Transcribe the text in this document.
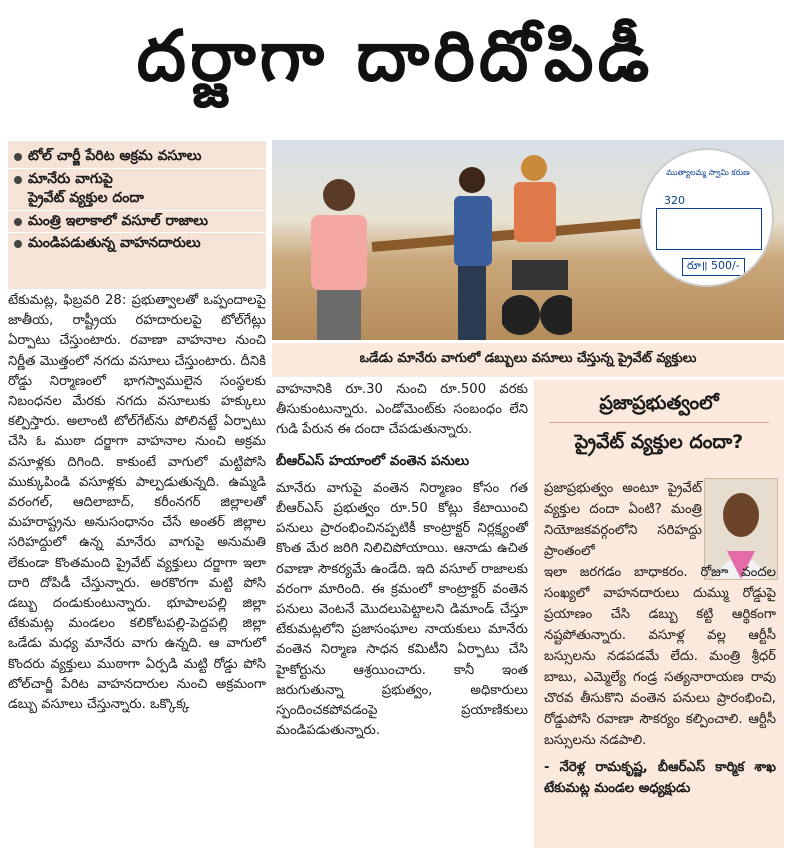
దర్జాగా దారిదోపిడీ
టోల్‌ చార్జీ పేరిట అక్రమ వసూలు
మానేరు వాగుపై
ప్రైవేట్‌ వ్యక్తుల దందా
మంత్రి ఇలాకాలో వసూల్‌ రాజాలు
మండిపడుతున్న వాహనదారులు
ముత్యాలమ్మ స్వామి కరుణ
320
రూ॥ 500/-
ఒడేడు మానేరు వాగులో డబ్బులు వసూలు చేస్తున్న ప్రైవేట్‌ వ్యక్తులు

టేకుమట్ల, ఫిబ్రవరి 28: ప్రభుత్వాలతో ఒప్పందాలపై జాతీయ, రాష్ట్రీయ రహదారులపై టోల్‌గేట్లు ఏర్పాటు చేస్తుంటారు. రవాణా వాహనాల నుంచి నిర్ణీత మొత్తంలో నగదు వసూలు చేస్తుంటారు. దీనికి రోడ్డు నిర్మాణంలో భాగస్వాములైన సంస్థలకు నిబంధనల మేరకు నగదు వసూలుకు హక్కులు కల్పిస్తారు. అలాంటి టోల్‌గేట్‌ను పోలినట్టే ఏర్పాటు చేసి ఓ ముఠా దర్జాగా వాహనాల నుంచి అక్రమ వసూళ్లకు దిగింది. కాకుంటే వాగులో మట్టిపోసి ముక్కుపిండి వసూళ్లకు పాల్పడుతున్నది. ఉమ్మడి వరంగల్‌, ఆదిలాబాద్‌, కరీంనగర్‌ జిల్లాలతో మహరాష్ట్రను అనుసంధానం చేసే అంతర్‌ జిల్లాల సరిహద్దులో ఉన్న మానేరు వాగుపై అనుమతి లేకుండా కొంతమంది ప్రైవేట్‌ వ్యక్తులు దర్జాగా ఇలా దారి దోపిడీ చేస్తున్నారు. అరకొరగా మట్టి పోసి డబ్బు దండుకుంటున్నారు. భూపాలపల్లి జిల్లా టేకుమట్ల మండలం కలికోటపల్లి-పెద్దపల్లి జిల్లా ఒడేడు మధ్య మానేరు వాగు ఉన్నది. ఆ వాగులో కొందరు వ్యక్తులు ముఠాగా ఏర్పడి మట్టి రోడ్డు పోసి టోల్‌చార్జీ పేరిట వాహనదారుల నుంచి అక్రమంగా డబ్బు వసూలు చేస్తున్నారు. ఒక్కొక్క

వాహనానికి రూ.30 నుంచి రూ.500 వరకు తీసుకుంటున్నారు. ఎండోమెంట్‌కు సంబంధం లేని గుడి పేరున ఈ దందా చేపడుతున్నారు.

బీఆర్‌ఎస్‌ హయాంలో వంతెన పనులు

మానేరు వాగుపై వంతెన నిర్మాణం కోసం గత బీఆర్‌ఎస్‌ ప్రభుత్వం రూ.50 కోట్లు కేటాయించి పనులు ప్రారంభించినప్పటికీ కాంట్రాక్టర్‌ నిర్లక్ష్యంతో కొంత మేర జరిగి నిలిచిపోయాయి. ఆనాడు ఉచిత రవాణా సౌకర్యమే ఉండేది. ఇది వసూల్‌ రాజాలకు వరంగా మారింది. ఈ క్రమంలో కాంట్రాక్టర్‌ వంతెన పనులు వెంటనే మొదలుపెట్టాలని డిమాండ్‌ చేస్తూ టేకుమట్లలోని ప్రజాసంఘాల నాయకులు మానేరు వంతెన నిర్మాణ సాధన కమిటీని ఏర్పాటు చేసి హైకోర్టును ఆశ్రయించారు. కానీ ఇంత జరుగుతున్నా ప్రభుత్వం, అధికారులు స్పందించకపోవడంపై ప్రయాణికులు మండిపడుతున్నారు.

ప్రజాప్రభుత్వంలో
ప్రైవేట్‌ వ్యక్తుల దందా?

ప్రజాప్రభుత్వం అంటూ ప్రైవేట్‌ వ్యక్తుల దందా ఏంటి? మంత్రి నియోజకవర్గంలోని సరిహద్దు ప్రాంతంలో

ఇలా జరగడం బాధాకరం. రోజూ వందల సంఖ్యలో వాహనదారులు దుమ్ము రోడ్డుపై ప్రయాణం చేసి డబ్బు కట్టి ఆర్థికంగా నష్టపోతున్నారు. వసూళ్ల వల్ల ఆర్టీసీ బస్సులను నడపడమే లేదు. మంత్రి శ్రీధర్‌ బాబు, ఎమ్మెల్యే గండ్ర సత్యనారాయణ రావు చొరవ తీసుకొని వంతెన పనులు ప్రారంభించి, రోడ్డుపోసి రవాణా సౌకర్యం కల్పించాలి. ఆర్టీసీ బస్సులను నడపాలి.

- నేరెళ్ల రామకృష్ణ, బీఆర్‌ఎస్‌ కార్మిక శాఖ టేకుమట్ల మండల అధ్యక్షుడు
